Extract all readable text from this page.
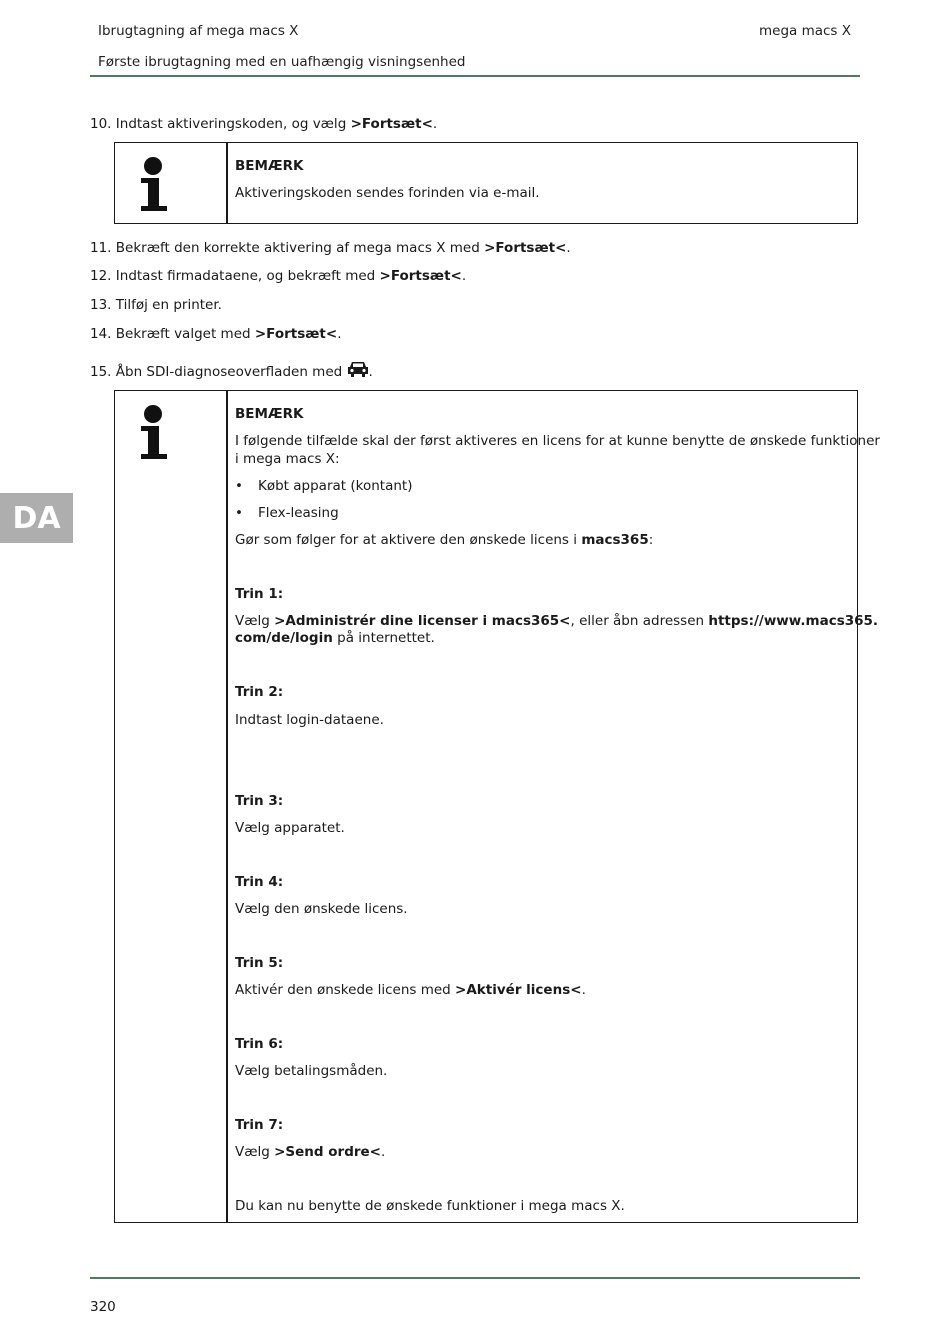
Ibrugtagning af mega macs X	mega macs X
Første ibrugtagning med en uafhængig visningsenhed
DA
10. Indtast aktiveringskoden, og vælg >Fortsæt<.
BEMÆRK
Aktiveringskoden sendes forinden via e-mail.
11. Bekræft den korrekte aktivering af mega macs X med >Fortsæt<.
12. Indtast firmadataene, og bekræft med >Fortsæt<.
13. Tilføj en printer.
14. Bekræft valget med >Fortsæt<.
15. Åbn SDI-diagnoseoverfladen med .
BEMÆRK
I følgende tilfælde skal der først aktiveres en licens for at kunne benytte de ønskede funktioner
i mega macs X:
• Købt apparat (kontant)
• Flex-leasing
Gør som følger for at aktivere den ønskede licens i macs365:
Trin 1:
Vælg >Administrér dine licenser i macs365<, eller åbn adressen https://www.macs365.
com/de/login på internettet.
Trin 2:
Indtast login-dataene.
Trin 3:
Vælg apparatet.
Trin 4:
Vælg den ønskede licens.
Trin 5:
Aktivér den ønskede licens med >Aktivér licens<.
Trin 6:
Vælg betalingsmåden.
Trin 7:
Vælg >Send ordre<.
Du kan nu benytte de ønskede funktioner i mega macs X.
320
